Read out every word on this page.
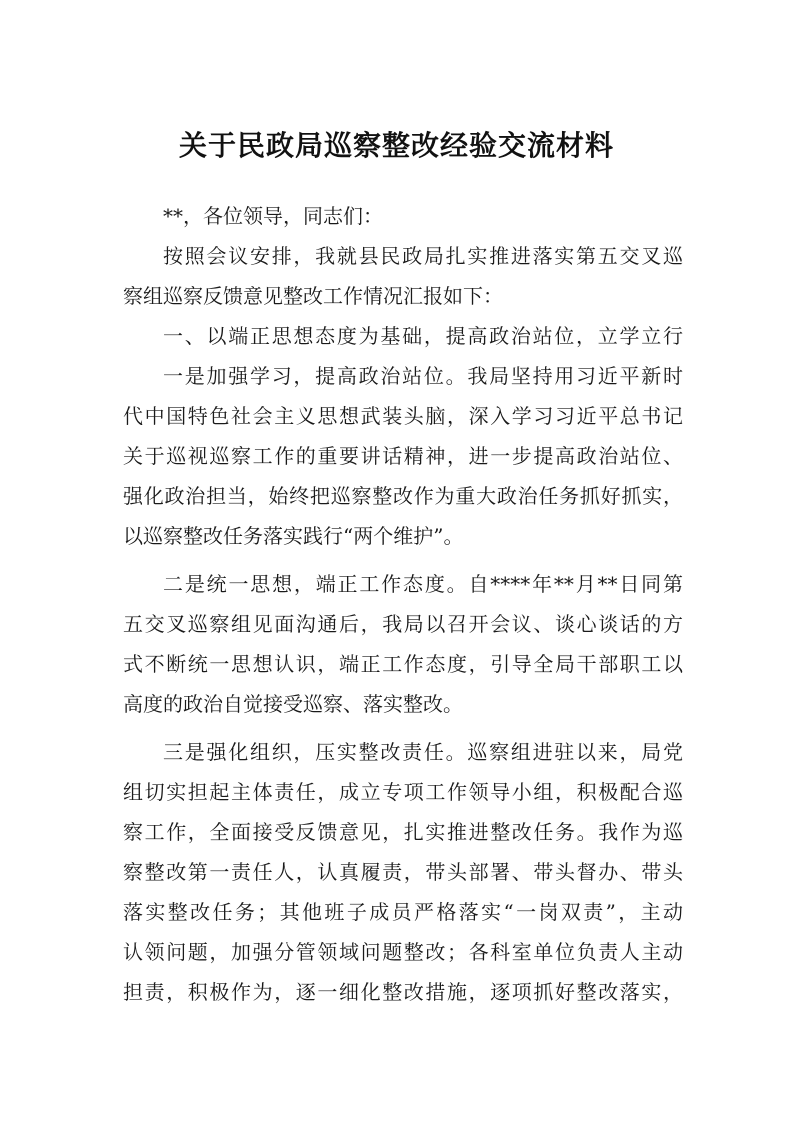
关于民政局巡察整改经验交流材料
**，各位领导，同志们：
按照会议安排，我就县民政局扎实推进落实第五交叉巡
察组巡察反馈意见整改工作情况汇报如下：
一、以端正思想态度为基础，提高政治站位，立学立行
一是加强学习，提高政治站位。我局坚持用习近平新时
代中国特色社会主义思想武装头脑，深入学习习近平总书记
关于巡视巡察工作的重要讲话精神，进一步提高政治站位、
强化政治担当，始终把巡察整改作为重大政治任务抓好抓实，
以巡察整改任务落实践行“两个维护”。
二是统一思想，端正工作态度。自****年**月**日同第
五交叉巡察组见面沟通后，我局以召开会议、谈心谈话的方
式不断统一思想认识，端正工作态度，引导全局干部职工以
高度的政治自觉接受巡察、落实整改。
三是强化组织，压实整改责任。巡察组进驻以来，局党
组切实担起主体责任，成立专项工作领导小组，积极配合巡
察工作，全面接受反馈意见，扎实推进整改任务。我作为巡
察整改第一责任人，认真履责，带头部署、带头督办、带头
落实整改任务；其他班子成员严格落实“一岗双责”，主动
认领问题，加强分管领域问题整改；各科室单位负责人主动
担责，积极作为，逐一细化整改措施，逐项抓好整改落实，
